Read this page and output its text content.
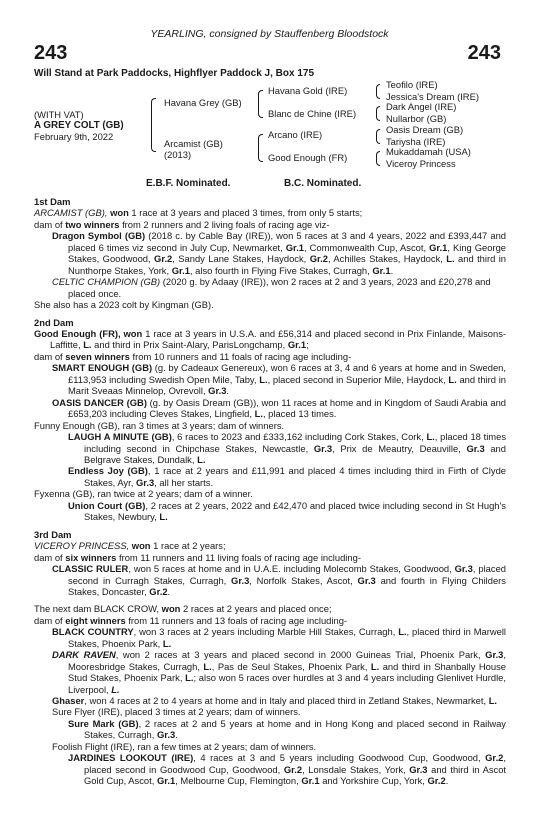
YEARLING, consigned by Stauffenberg Bloodstock
243	243
Will Stand at Park Paddocks, Highflyer Paddock J, Box 175
(WITH VAT)
A GREY COLT (GB)
February 9th, 2022
Havana Grey (GB)
Arcamist (GB)
(2013)
Havana Gold (IRE)
Blanc de Chine (IRE)
Arcano (IRE)
Good Enough (FR)
Teofilo (IRE)
Jessica's Dream (IRE)
Dark Angel (IRE)
Nullarbor (GB)
Oasis Dream (GB)
Tariysha (IRE)
Mukaddamah (USA)
Viceroy Princess
E.B.F. Nominated.	B.C. Nominated.

1st Dam

ARCAMIST (GB), won 1 race at 3 years and placed 3 times, from only 5 starts;

dam of two winners from 2 runners and 2 living foals of racing age viz-

Dragon Symbol (GB) (2018 c. by Cable Bay (IRE)), won 5 races at 3 and 4 years, 2022 and £393,447 and placed 6 times viz second in July Cup, Newmarket, Gr.1, Commonwealth Cup, Ascot, Gr.1, King George Stakes, Goodwood, Gr.2, Sandy Lane Stakes, Haydock, Gr.2, Achilles Stakes, Haydock, L. and third in Nunthorpe Stakes, York, Gr.1, also fourth in Flying Five Stakes, Curragh, Gr.1.

CELTIC CHAMPION (GB) (2020 g. by Adaay (IRE)), won 2 races at 2 and 3 years, 2023 and £20,278 and placed once.

She also has a 2023 colt by Kingman (GB).

2nd Dam

Good Enough (FR), won 1 race at 3 years in U.S.A. and £56,314 and placed second in Prix Finlande, Maisons-Laffitte, L. and third in Prix Saint-Alary, ParisLongchamp, Gr.1;

dam of seven winners from 10 runners and 11 foals of racing age including-

SMART ENOUGH (GB) (g. by Cadeaux Genereux), won 6 races at 3, 4 and 6 years at home and in Sweden, £113,953 including Swedish Open Mile, Taby, L., placed second in Superior Mile, Haydock, L. and third in Marit Sveaas Minnelop, Ovrevoll, Gr.3.

OASIS DANCER (GB) (g. by Oasis Dream (GB)), won 11 races at home and in Kingdom of Saudi Arabia and £653,203 including Cleves Stakes, Lingfield, L., placed 13 times.

Funny Enough (GB), ran 3 times at 3 years; dam of winners.

LAUGH A MINUTE (GB), 6 races to 2023 and £333,162 including Cork Stakes, Cork, L., placed 18 times including second in Chipchase Stakes, Newcastle, Gr.3, Prix de Meautry, Deauville, Gr.3 and Belgrave Stakes, Dundalk, L.

Endless Joy (GB), 1 race at 2 years and £11,991 and placed 4 times including third in Firth of Clyde Stakes, Ayr, Gr.3, all her starts.

Fyxenna (GB), ran twice at 2 years; dam of a winner.

Union Court (GB), 2 races at 2 years, 2022 and £42,470 and placed twice including second in St Hugh's Stakes, Newbury, L.

3rd Dam

VICEROY PRINCESS, won 1 race at 2 years;

dam of six winners from 11 runners and 11 living foals of racing age including-

CLASSIC RULER, won 5 races at home and in U.A.E. including Molecomb Stakes, Goodwood, Gr.3, placed second in Curragh Stakes, Curragh, Gr.3, Norfolk Stakes, Ascot, Gr.3 and fourth in Flying Childers Stakes, Doncaster, Gr.2.

The next dam BLACK CROW, won 2 races at 2 years and placed once;

dam of eight winners from 11 runners and 13 foals of racing age including-

BLACK COUNTRY, won 3 races at 2 years including Marble Hill Stakes, Curragh, L., placed third in Marwell Stakes, Phoenix Park, L.

DARK RAVEN, won 2 races at 3 years and placed second in 2000 Guineas Trial, Phoenix Park, Gr.3, Mooresbridge Stakes, Curragh, L., Pas de Seul Stakes, Phoenix Park, L. and third in Shanbally House Stud Stakes, Phoenix Park, L.; also won 5 races over hurdles at 3 and 4 years including Glenlivet Hurdle, Liverpool, L.

Ghaser, won 4 races at 2 to 4 years at home and in Italy and placed third in Zetland Stakes, Newmarket, L.

Sure Flyer (IRE), placed 3 times at 2 years; dam of winners.

Sure Mark (GB), 2 races at 2 and 5 years at home and in Hong Kong and placed second in Railway Stakes, Curragh, Gr.3.

Foolish Flight (IRE), ran a few times at 2 years; dam of winners.

JARDINES LOOKOUT (IRE), 4 races at 3 and 5 years including Goodwood Cup, Goodwood, Gr.2, placed second in Goodwood Cup, Goodwood, Gr.2, Lonsdale Stakes, York, Gr.3 and third in Ascot Gold Cup, Ascot, Gr.1, Melbourne Cup, Flemington, Gr.1 and Yorkshire Cup, York, Gr.2.
